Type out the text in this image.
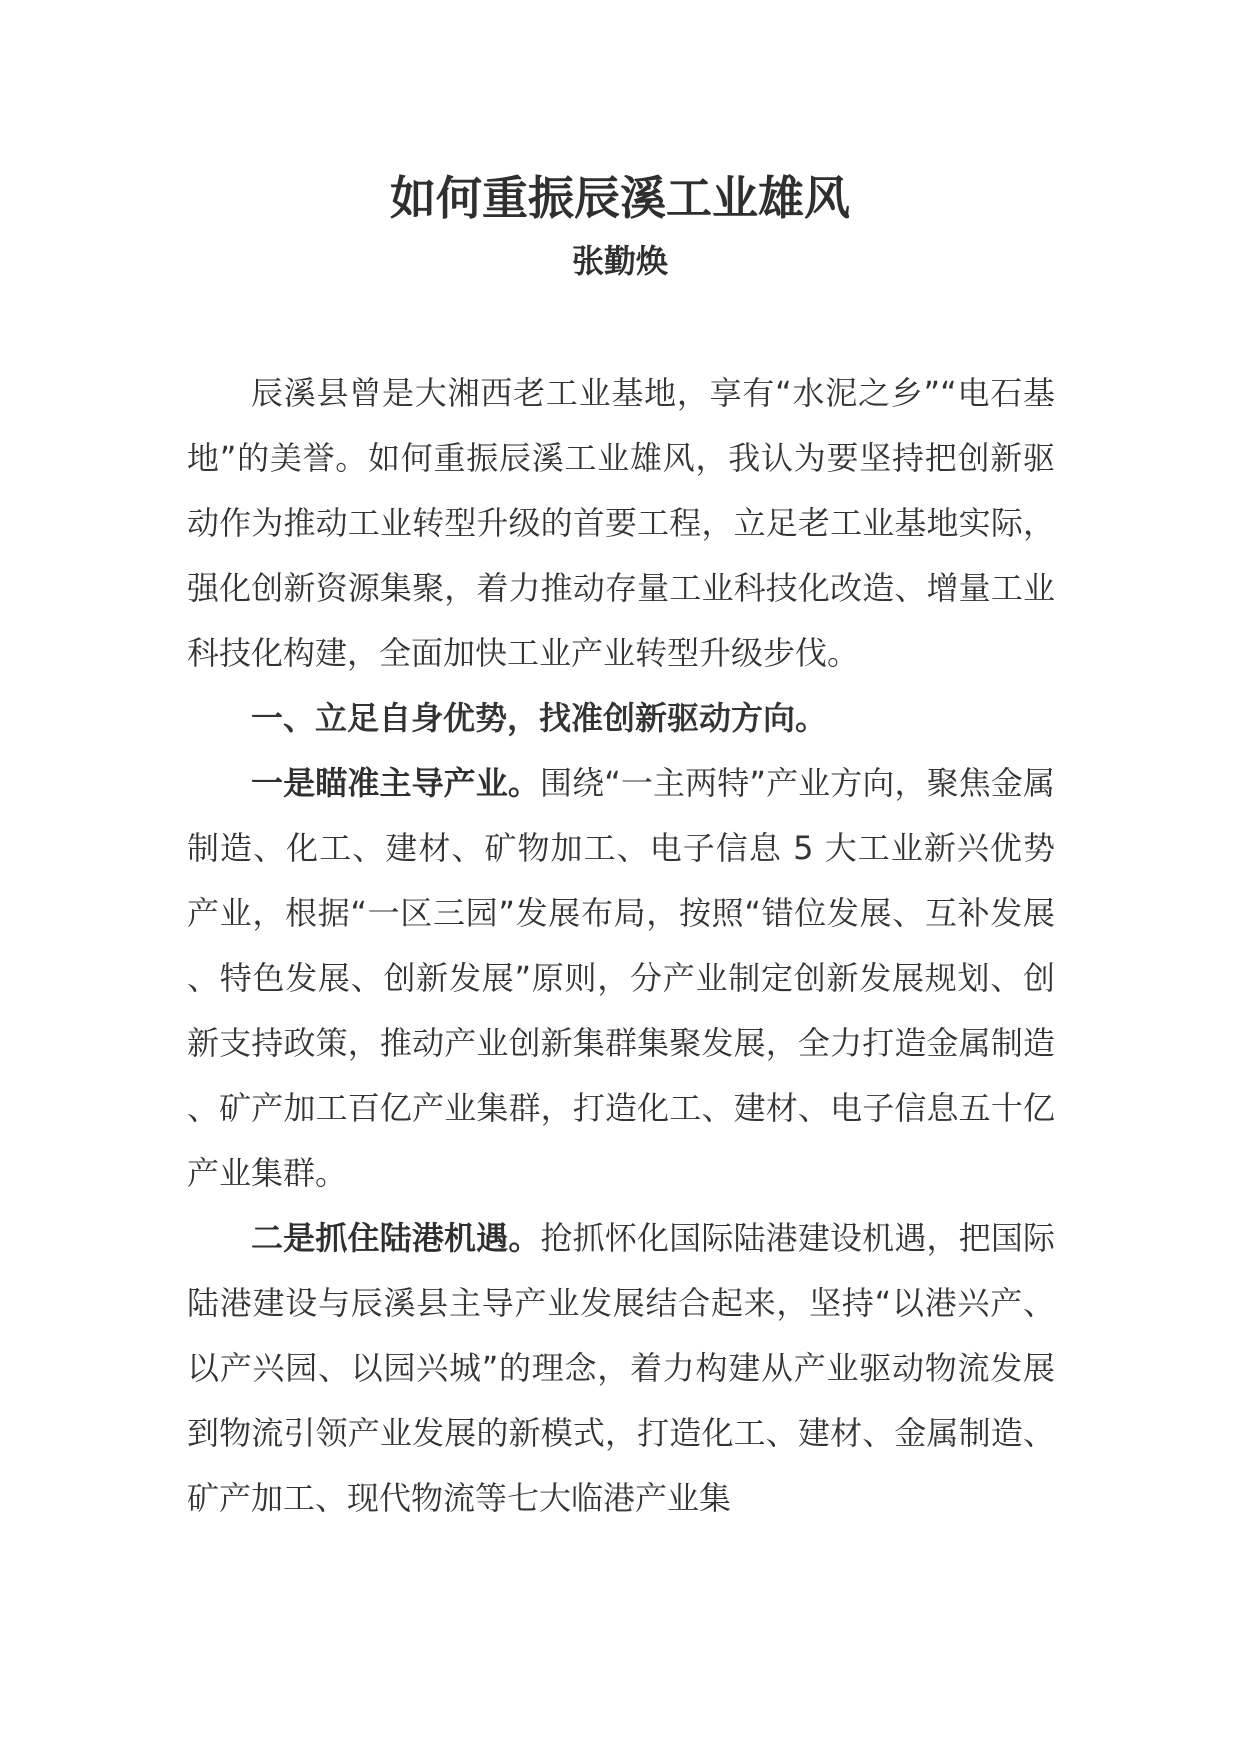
如何重振辰溪工业雄风
张勤焕

辰溪县曾是大湘西老工业基地，享有“水泥之乡”“电石基地”的美誉。如何重振辰溪工业雄风，我认为要坚持把创新驱动作为推动工业转型升级的首要工程，立足老工业基地实际，强化创新资源集聚，着力推动存量工业科技化改造、增量工业科技化构建，全面加快工业产业转型升级步伐。

一、立足自身优势，找准创新驱动方向。

一是瞄准主导产业。围绕“一主两特”产业方向，聚焦金属制造、化工、建材、矿物加工、电子信息 5 大工业新兴优势产业，根据“一区三园”发展布局，按照“错位发展、互补发展、特色发展、创新发展”原则，分产业制定创新发展规划、创新支持政策，推动产业创新集群集聚发展，全力打造金属制造、矿产加工百亿产业集群，打造化工、建材、电子信息五十亿产业集群。

二是抓住陆港机遇。抢抓怀化国际陆港建设机遇，把国际陆港建设与辰溪县主导产业发展结合起来，坚持“以港兴产、以产兴园、以园兴城”的理念，着力构建从产业驱动物流发展到物流引领产业发展的新模式，打造化工、建材、金属制造、矿产加工、现代物流等七大临港产业集
